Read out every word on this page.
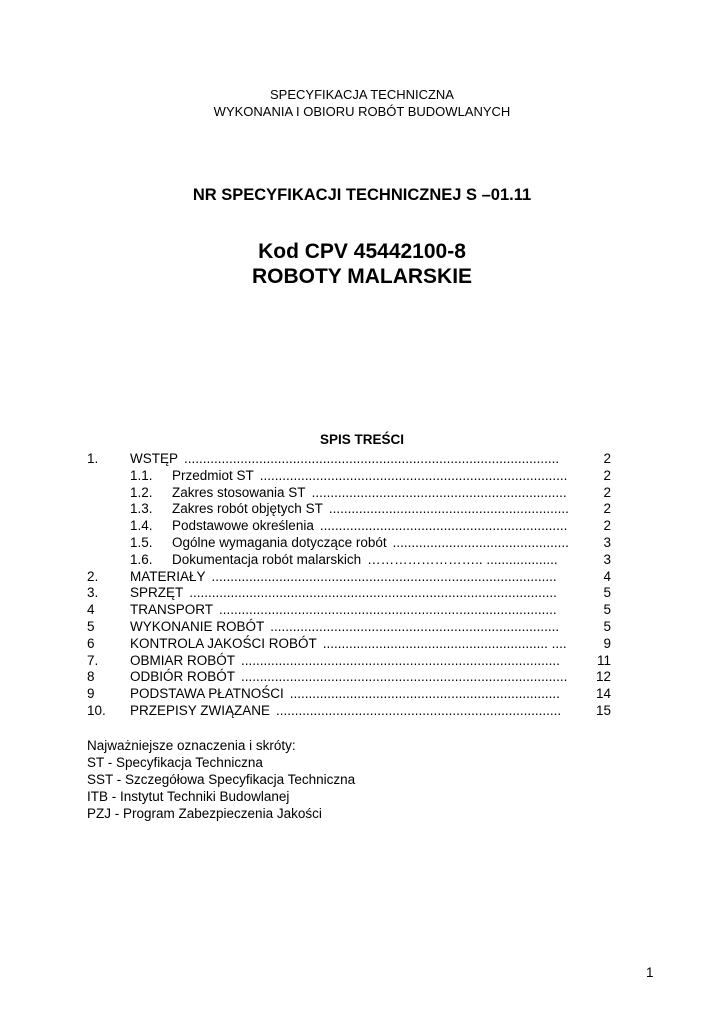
SPECYFIKACJA TECHNICZNA
WYKONANIA I OBIORU ROBÓT BUDOWLANYCH
NR SPECYFIKACJI TECHNICZNEJ S –01.11
Kod CPV 45442100-8
ROBOTY MALARSKIE
SPIS TREŚCI
1. WSTĘP ....................................................................................................	2
1.1. Przedmiot ST ..................................................................................	2
1.2. Zakres stosowania ST ....................................................................	2
1.3. Zakres robót objętych ST ................................................................	2
1.4. Podstawowe określenia ..................................................................	2
1.5. Ogólne wymagania dotyczące robót ...............................................	3
1.6. Dokumentacja robót malarskich …………………….. ...................	3
2. MATERIAŁY ............................................................................................	4
3. SPRZĘT ..................................................................................................	5
4	TRANSPORT ..........................................................................................	5
5	WYKONANIE ROBÓT .............................................................................	5
6	KONTROLA JAKOŚCI ROBÓT ............................................................ ....	9
7. OBMIAR ROBÓT .....................................................................................	11
8	ODBIÓR ROBÓT ....................................................................................... 12
9	PODSTAWA PŁATNOŚCI ........................................................................	14
10. PRZEPISY ZWIĄZANE ............................................................................	15
Najważniejsze oznaczenia i skróty:
ST - Specyfikacja Techniczna
SST - Szczegółowa Specyfikacja Techniczna
ITB - Instytut Techniki Budowlanej
PZJ - Program Zabezpieczenia Jakości
1
